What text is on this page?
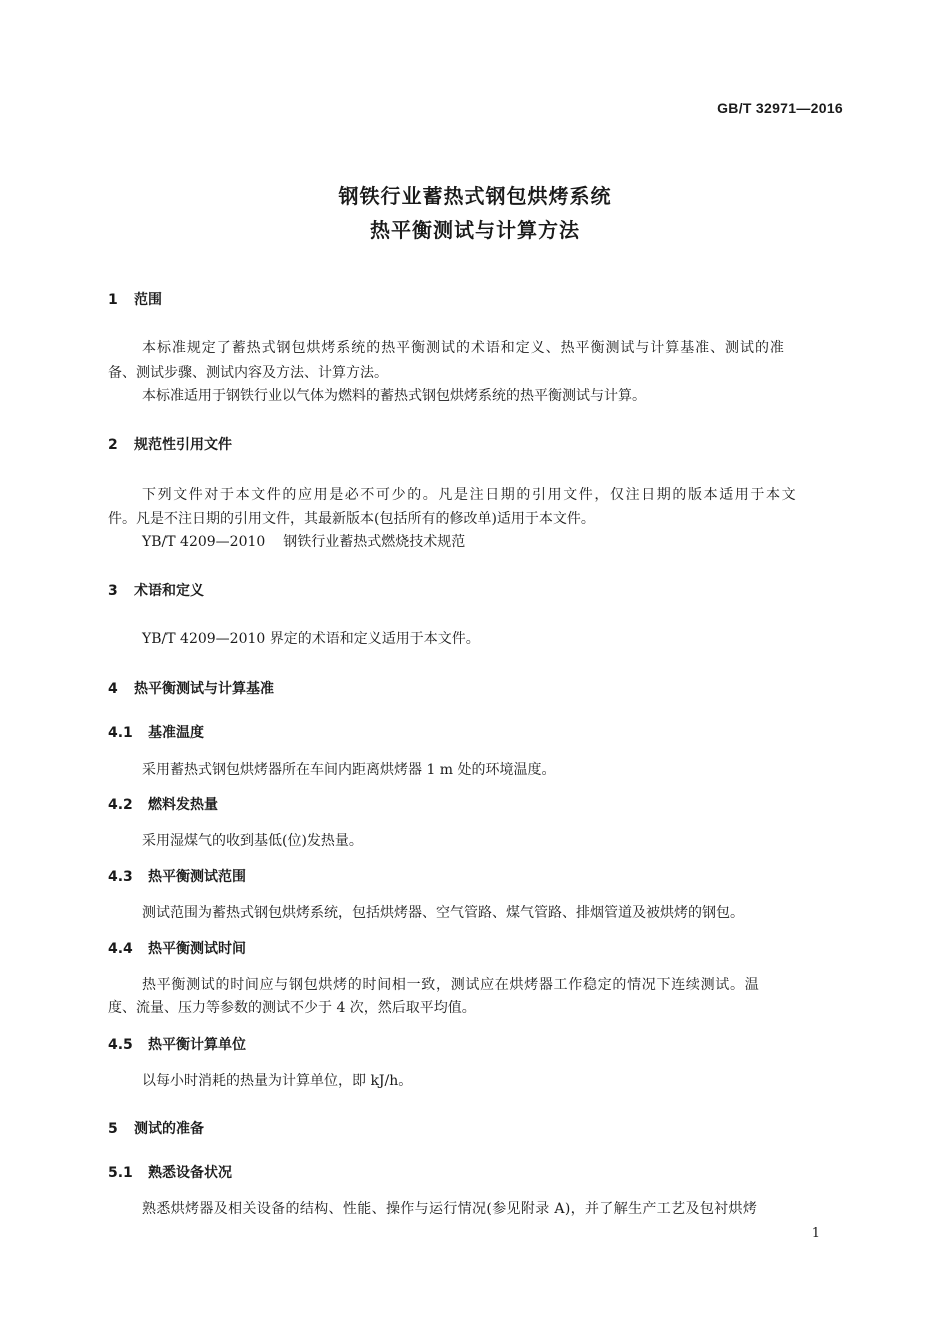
GB/T 32971—2016
钢铁行业蓄热式钢包烘烤系统
热平衡测试与计算方法
1 范围
本标准规定了蓄热式钢包烘烤系统的热平衡测试的术语和定义、热平衡测试与计算基准、测试的准
备、测试步骤、测试内容及方法、计算方法。
本标准适用于钢铁行业以气体为燃料的蓄热式钢包烘烤系统的热平衡测试与计算。
2 规范性引用文件
下列文件对于本文件的应用是必不可少的。凡是注日期的引用文件，仅注日期的版本适用于本文
件。凡是不注日期的引用文件，其最新版本(包括所有的修改单)适用于本文件。
YB/T 4209—2010 钢铁行业蓄热式燃烧技术规范
3 术语和定义
YB/T 4209—2010 界定的术语和定义适用于本文件。
4 热平衡测试与计算基准
4.1 基准温度
采用蓄热式钢包烘烤器所在车间内距离烘烤器 1 m 处的环境温度。
4.2 燃料发热量
采用湿煤气的收到基低(位)发热量。
4.3 热平衡测试范围
测试范围为蓄热式钢包烘烤系统，包括烘烤器、空气管路、煤气管路、排烟管道及被烘烤的钢包。
4.4 热平衡测试时间
热平衡测试的时间应与钢包烘烤的时间相一致，测试应在烘烤器工作稳定的情况下连续测试。温
度、流量、压力等参数的测试不少于 4 次，然后取平均值。
4.5 热平衡计算单位
以每小时消耗的热量为计算单位，即 kJ/h。
5 测试的准备
5.1 熟悉设备状况
熟悉烘烤器及相关设备的结构、性能、操作与运行情况(参见附录 A)，并了解生产工艺及包衬烘烤
1
